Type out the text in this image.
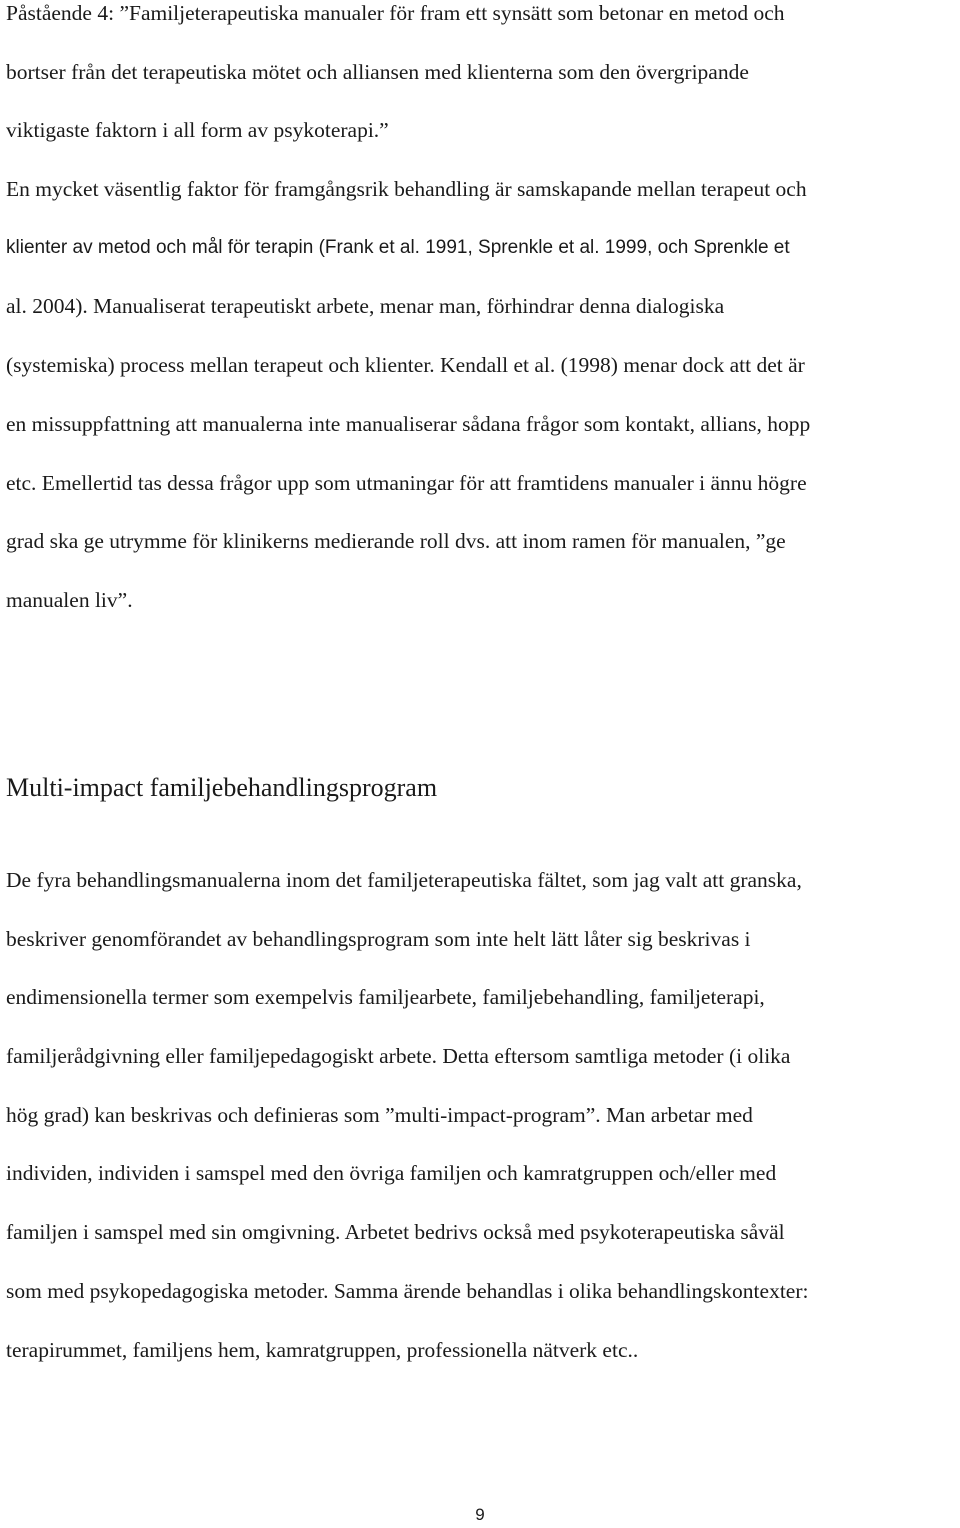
Påstående 4: ”Familjeterapeutiska manualer för fram ett synsätt som betonar en metod och
bortser från det terapeutiska mötet och alliansen med klienterna som den övergripande
viktigaste faktorn i all form av psykoterapi.”
En mycket väsentlig faktor för framgångsrik behandling är samskapande mellan terapeut och
klienter av metod och mål för terapin (Frank et al. 1991, Sprenkle et al. 1999, och Sprenkle et
al. 2004). Manualiserat terapeutiskt arbete, menar man, förhindrar denna dialogiska
(systemiska) process mellan terapeut och klienter. Kendall et al. (1998) menar dock att det är
en missuppfattning att manualerna inte manualiserar sådana frågor som kontakt, allians, hopp
etc. Emellertid tas dessa frågor upp som utmaningar för att framtidens manualer i ännu högre
grad ska ge utrymme för klinikerns medierande roll dvs. att inom ramen för manualen, ”ge
manualen liv”.
Multi-impact familjebehandlingsprogram
De fyra behandlingsmanualerna inom det familjeterapeutiska fältet, som jag valt att granska,
beskriver genomförandet av behandlingsprogram som inte helt lätt låter sig beskrivas i
endimensionella termer som exempelvis familjearbete, familjebehandling, familjeterapi,
familjerådgivning eller familjepedagogiskt arbete. Detta eftersom samtliga metoder (i olika
hög grad) kan beskrivas och definieras som ”multi-impact-program”. Man arbetar med
individen, individen i samspel med den övriga familjen och kamratgruppen och/eller med
familjen i samspel med sin omgivning. Arbetet bedrivs också med psykoterapeutiska såväl
som med psykopedagogiska metoder. Samma ärende behandlas i olika behandlingskontexter:
terapirummet, familjens hem, kamratgruppen, professionella nätverk etc..
9
